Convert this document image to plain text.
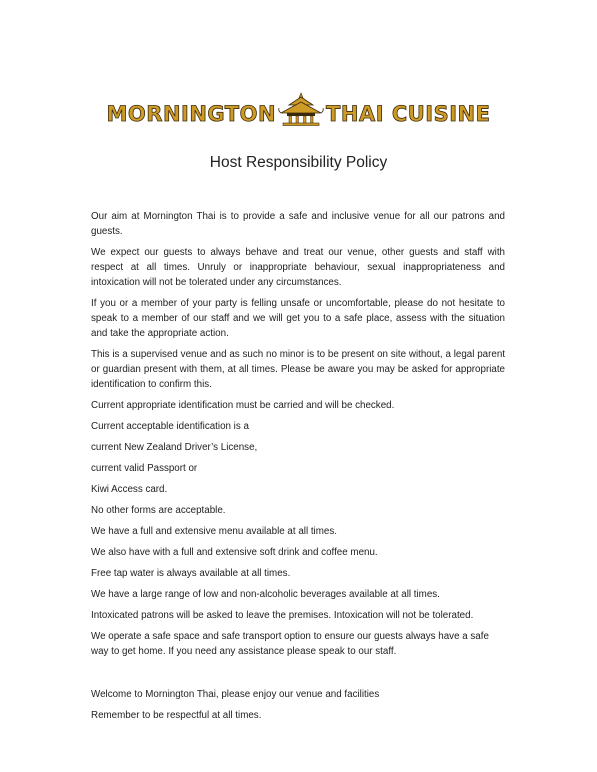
MORNINGTON THAI CUISINE
Host Responsibility Policy

Our aim at Mornington Thai is to provide a safe and inclusive venue for all our patrons and guests.

We expect our guests to always behave and treat our venue, other guests and staff with respect at all times. Unruly or inappropriate behaviour, sexual inappropriateness and intoxication will not be tolerated under any circumstances.

If you or a member of your party is felling unsafe or uncomfortable, please do not hesitate to speak to a member of our staff and we will get you to a safe place, assess with the situation and take the appropriate action.

This is a supervised venue and as such no minor is to be present on site without, a legal parent or guardian present with them, at all times. Please be aware you may be asked for appropriate identification to confirm this.

Current appropriate identification must be carried and will be checked.

Current acceptable identification is a

current New Zealand Driver’s License,

current valid Passport or

Kiwi Access card.

No other forms are acceptable.

We have a full and extensive menu available at all times.

We also have with a full and extensive soft drink and coffee menu.

Free tap water is always available at all times.

We have a large range of low and non-alcoholic beverages available at all times.

Intoxicated patrons will be asked to leave the premises. Intoxication will not be tolerated.

We operate a safe space and safe transport option to ensure our guests always have a safe way to get home. If you need any assistance please speak to our staff.

Welcome to Mornington Thai, please enjoy our venue and facilities

Remember to be respectful at all times.
